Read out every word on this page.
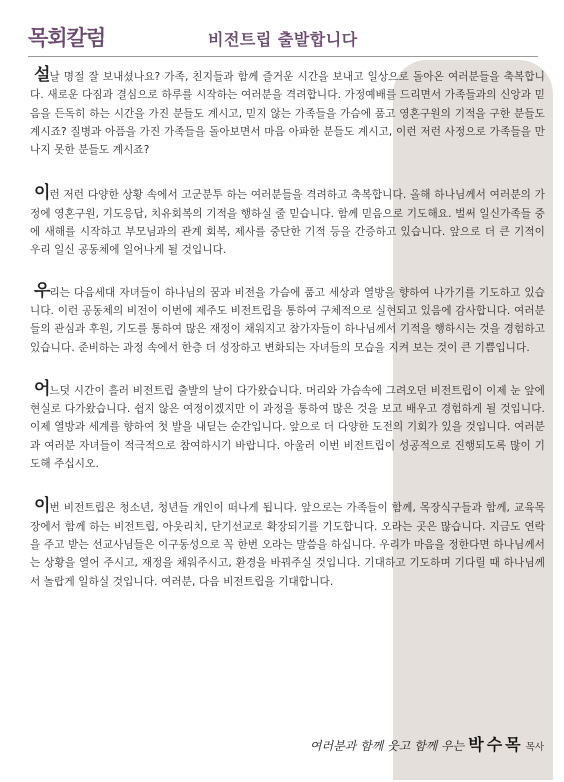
목회칼럼	비전트립 출발합니다

설날 명절 잘 보내셨나요? 가족, 친지들과 함께 즐거운 시간을 보내고 일상으로 돌아온 여러분들을 축복합니다. 새로운 다짐과 결심으로 하루를 시작하는 여러분을 격려합니다. 가정예배를 드리면서 가족들과의 신앙과 믿음을 든독히 하는 시간을 가진 분들도 계시고, 믿지 않는 가족들을 가슴에 품고 영혼구원의 기적을 구한 분들도 계시죠? 질병과 아픔을 가진 가족들을 돌아보면서 마음 아파한 분들도 계시고, 이런 저런 사정으로 가족들을 만나지 못한 분들도 계시죠?

이런 저런 다양한 상황 속에서 고군분투 하는 여러분들을 격려하고 축복합니다. 올해 하나님께서 여러분의 가정에 영혼구원, 기도응답, 치유회복의 기적을 행하실 줄 믿습니다. 함께 믿음으로 기도해요. 벌써 일신가족들 중에 새해를 시작하고 부모님과의 관계 회복, 제사를 중단한 기적 등을 간증하고 있습니다. 앞으로 더 큰 기적이 우리 일신 공동체에 일어나게 될 것입니다.

우리는 다음세대 자녀들이 하나님의 꿈과 비전을 가슴에 품고 세상과 열방을 향하여 나가기를 기도하고 있습니다. 이런 공동체의 비전이 이번에 제주도 비전트립을 통하여 구체적으로 실현되고 있음에 감사합니다. 여러분들의 관심과 후원, 기도를 통하여 많은 재정이 채워지고 참가자들이 하나님께서 기적을 행하시는 것을 경험하고 있습니다. 준비하는 과정 속에서 한층 더 성장하고 변화되는 자녀들의 모습을 지켜 보는 것이 큰 기쁨입니다.

어느덧 시간이 흘러 비전트립 출발의 날이 다가왔습니다. 머리와 가슴속에 그려오던 비전트립이 이제 눈 앞에 현실로 다가왔습니다. 쉽지 않은 여정이겠지만 이 과정을 통하여 많은 것을 보고 배우고 경험하게 될 것입니다. 이제 열방과 세계를 향하여 첫 발을 내딛는 순간입니다. 앞으로 더 다양한 도전의 기회가 있을 것입니다. 여러분과 여러분 자녀들이 적극적으로 참여하시기 바랍니다. 아울러 이번 비전트립이 성공적으로 진행되도록 많이 기도해 주십시오.

이번 비전트립은 청소년, 청년들 개인이 떠나게 됩니다. 앞으로는 가족들이 함께, 목장식구들과 함께, 교육목장에서 함께 하는 비전트립, 아웃리치, 단기선교로 확장되기를 기도합니다. 오라는 곳은 많습니다. 지금도 연락을 주고 받는 선교사님들은 이구동성으로 꼭 한번 오라는 말씀을 하십니다. 우리가 마음을 정한다면 하나님께서는 상황을 열어 주시고, 재정을 채워주시고, 환경을 바꿔주실 것입니다. 기대하고 기도하며 기다릴 때 하나님께서 놀랍게 일하실 것입니다. 여러분, 다음 비전트립을 기대합니다.

여러분과 함께 웃고 함께 우는 박수목 목사
